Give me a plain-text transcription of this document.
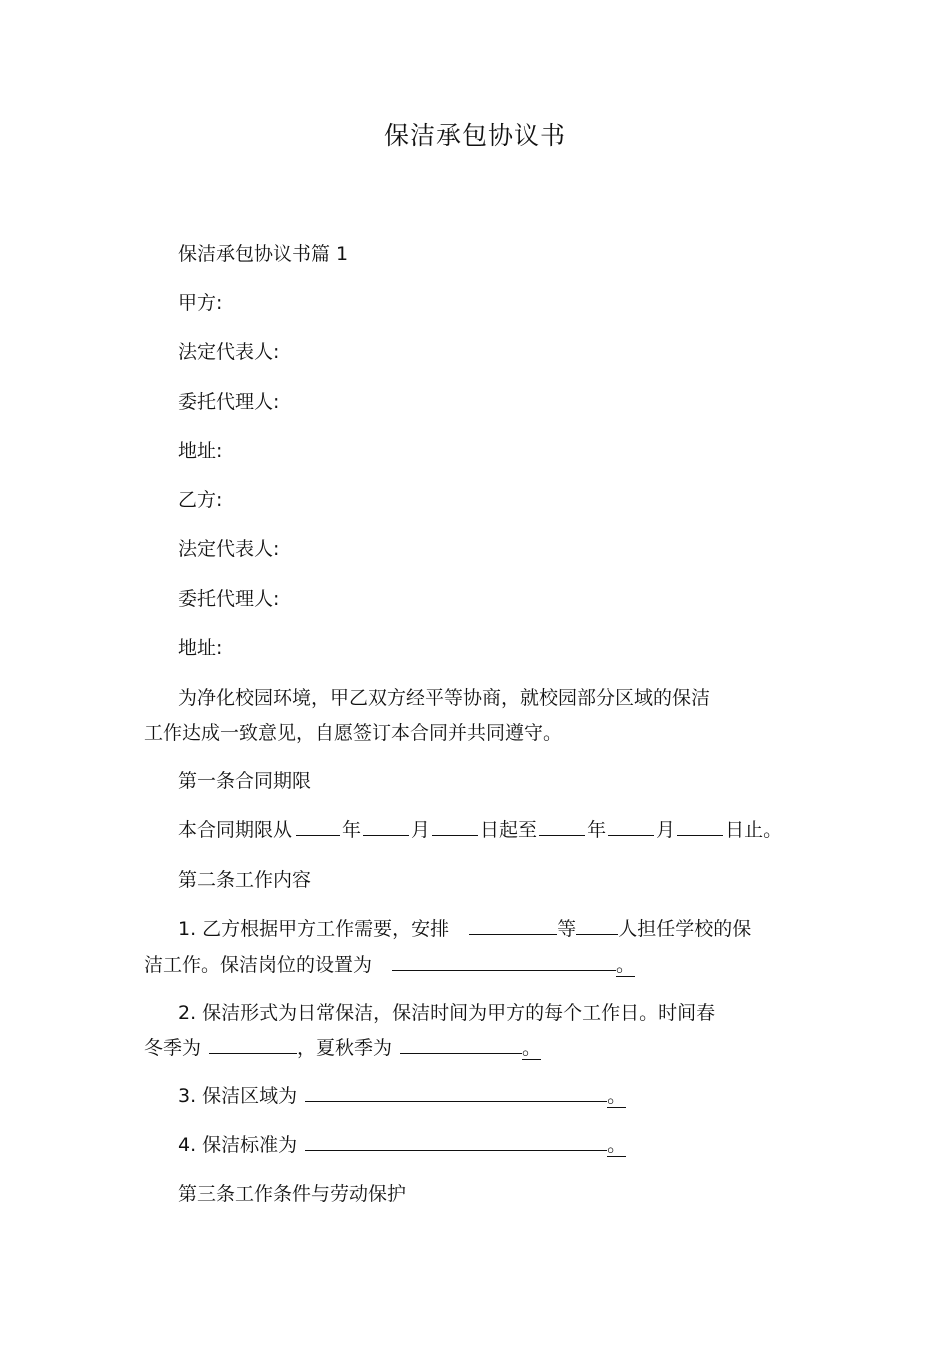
保洁承包协议书
保洁承包协议书篇 1
甲方:
法定代表人:
委托代理人:
地址:
乙方:
法定代表人:
委托代理人:
地址:
为净化校园环境，甲乙双方经平等协商，就校园部分区域的保洁
工作达成一致意见，自愿签订本合同并共同遵守。
第一条合同期限
本合同期限从	年	月	日起至	年	月	日止。
第二条工作内容
1. 乙方根据甲方工作需要，安排	等 人担任学校的保
洁工作。保洁岗位的设置为	。
2. 保洁形式为日常保洁，保洁时间为甲方的每个工作日。时间春
冬季为	，夏秋季为	。
3. 保洁区域为	。
4. 保洁标准为	。
第三条工作条件与劳动保护
